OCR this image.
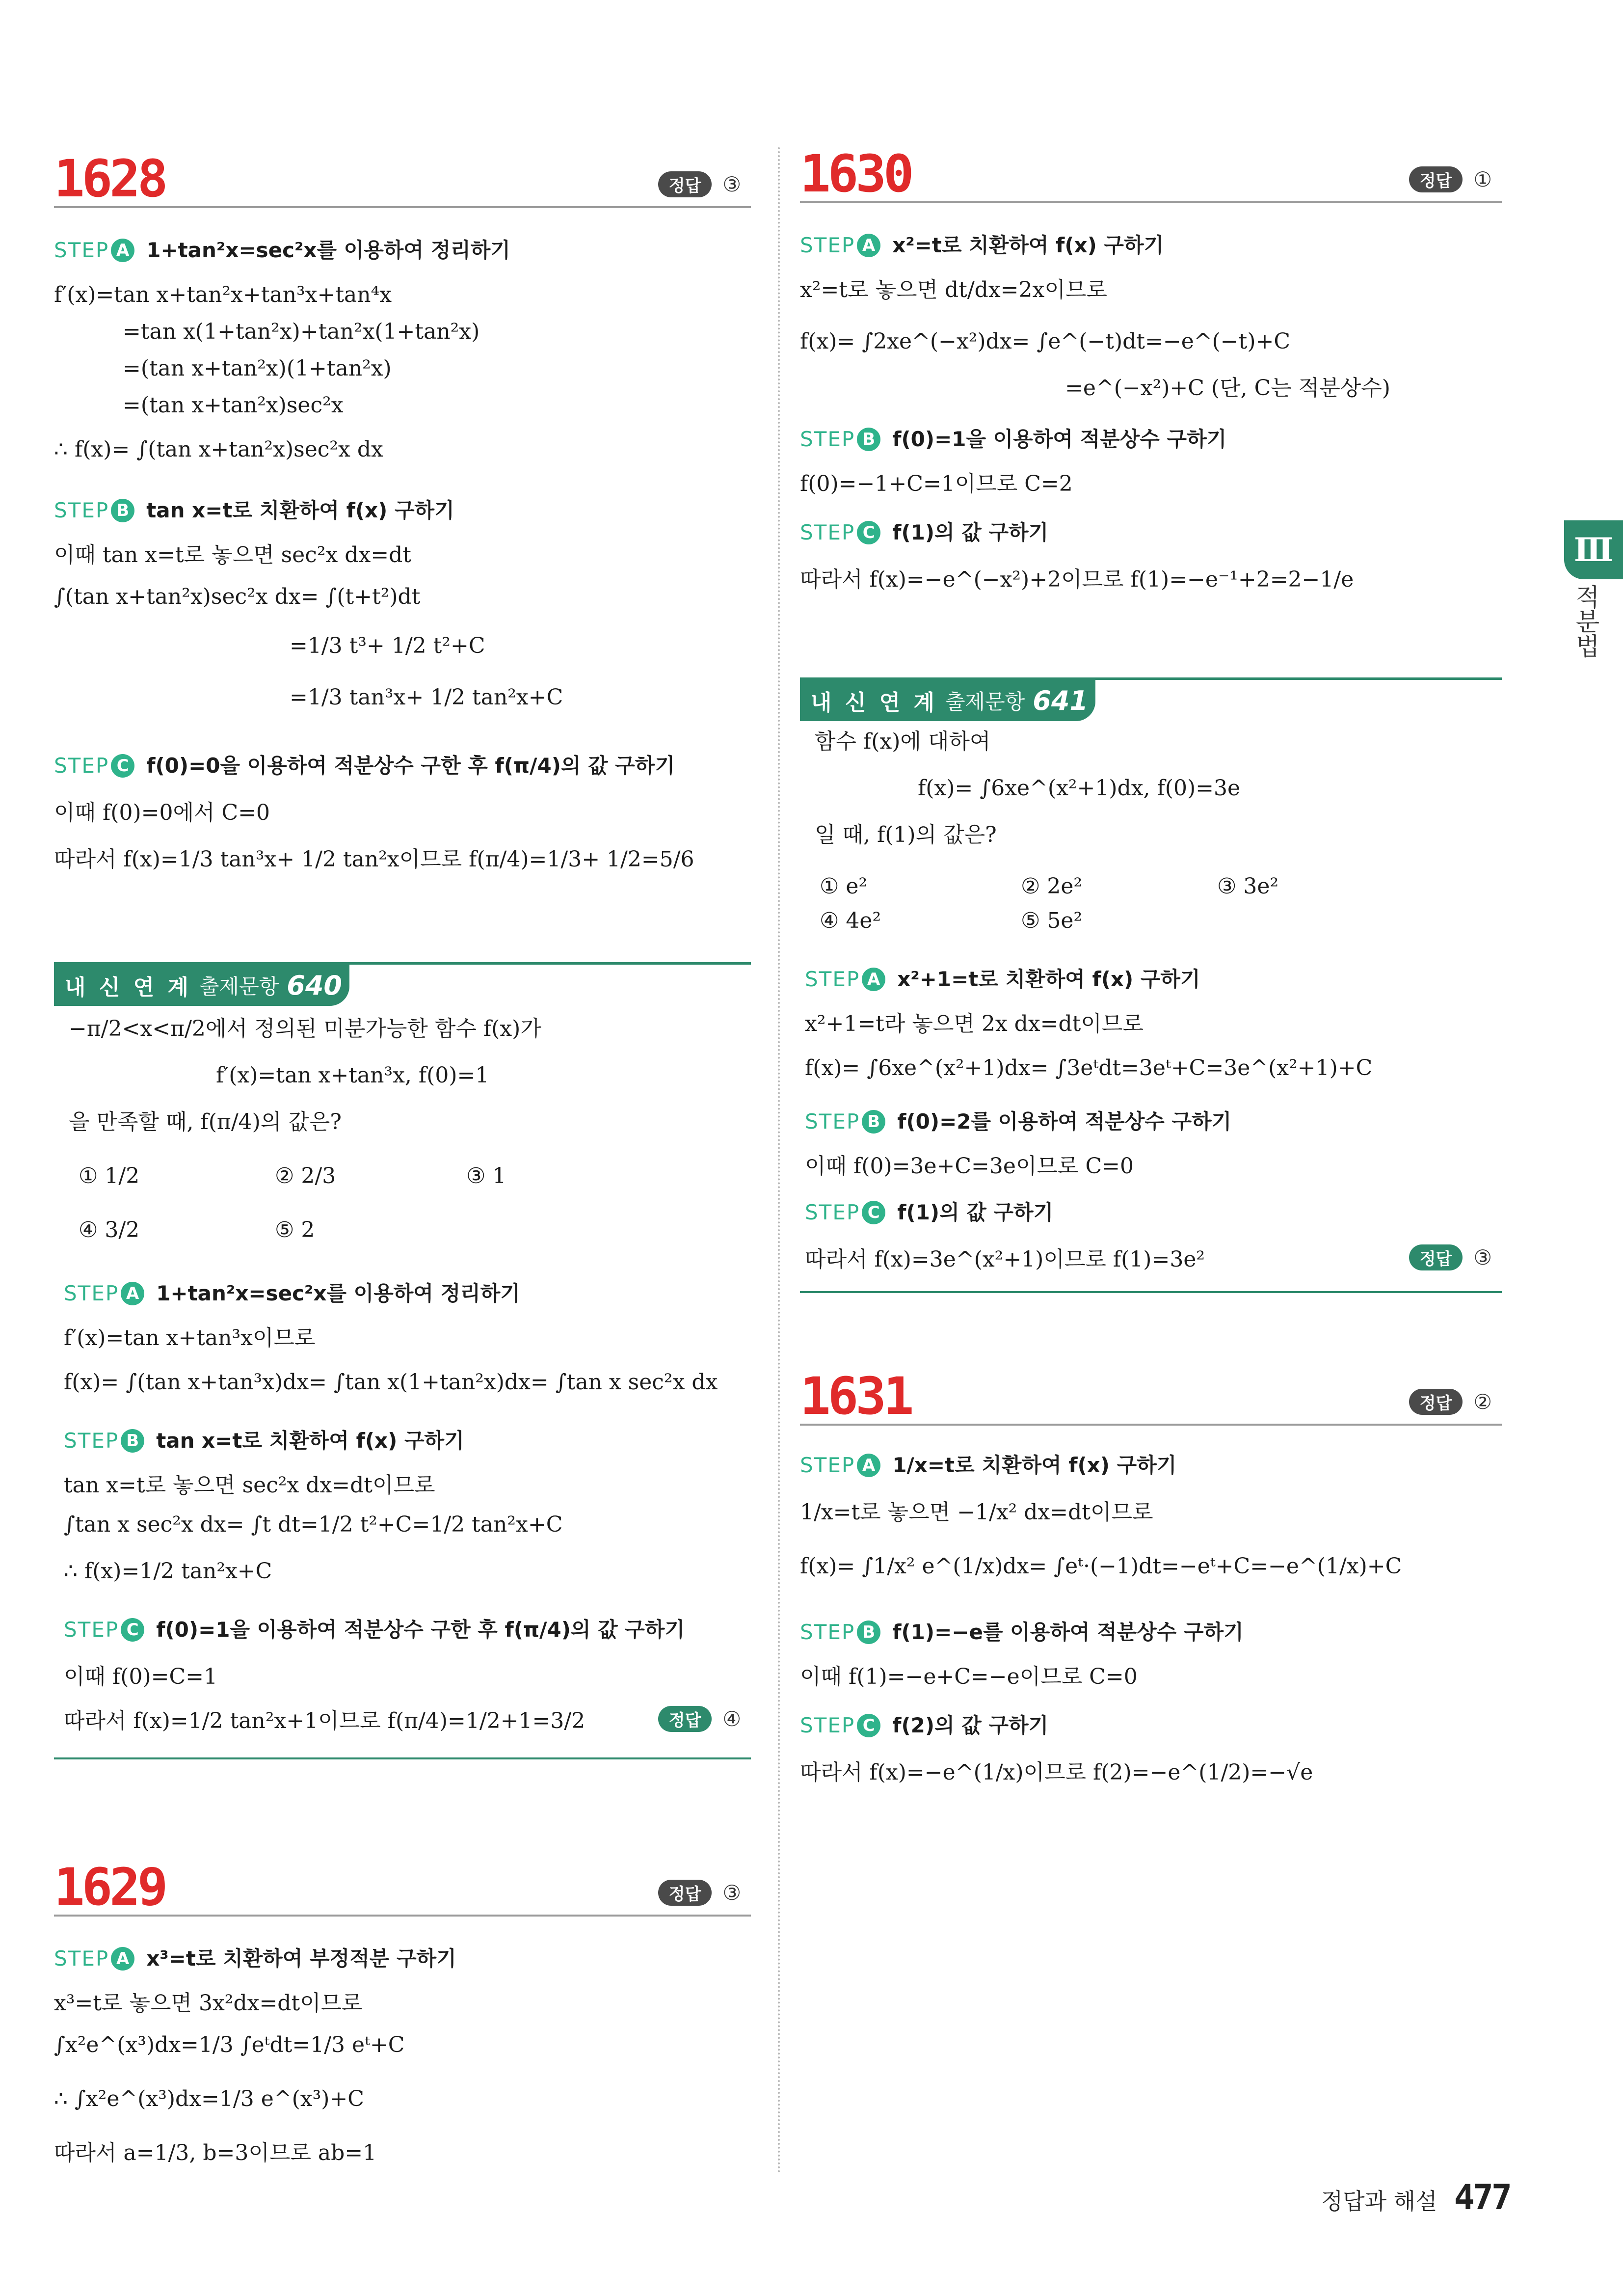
1628	정답	③
STEP A 1+tan²x=sec²x를 이용하여 정리하기
f′(x)=tan x+tan²x+tan³x+tan⁴x
=tan x(1+tan²x)+tan²x(1+tan²x)
=(tan x+tan²x)(1+tan²x)
=(tan x+tan²x)sec²x
∴ f(x)= ∫(tan x+tan²x)sec²x dx
STEP B tan x=t로 치환하여 f(x) 구하기
이때 tan x=t로 놓으면 sec²x dx=dt
∫(tan x+tan²x)sec²x dx= ∫(t+t²)dt
=1/3 t³+ 1/2 t²+C
=1/3 tan³x+ 1/2 tan²x+C
STEP C f(0)=0을 이용하여 적분상수 구한 후 f(π/4)의 값 구하기
이때 f(0)=0에서 C=0
따라서 f(x)=1/3 tan³x+ 1/2 tan²x이므로 f(π/4)=1/3+ 1/2=5/6
내 신 연 계 출제문항 640
−π/2<x<π/2에서 정의된 미분가능한 함수 f(x)가
f′(x)=tan x+tan³x, f(0)=1
을 만족할 때, f(π/4)의 값은?
① 1/2	② 2/3	③ 1
④ 3/2	⑤ 2
STEP A 1+tan²x=sec²x를 이용하여 정리하기
f′(x)=tan x+tan³x이므로
f(x)= ∫(tan x+tan³x)dx= ∫tan x(1+tan²x)dx= ∫tan x sec²x dx
STEP B tan x=t로 치환하여 f(x) 구하기
tan x=t로 놓으면 sec²x dx=dt이므로
∫tan x sec²x dx= ∫t dt=1/2 t²+C=1/2 tan²x+C
∴ f(x)=1/2 tan²x+C
STEP C f(0)=1을 이용하여 적분상수 구한 후 f(π/4)의 값 구하기
이때 f(0)=C=1
따라서 f(x)=1/2 tan²x+1이므로 f(π/4)=1/2+1=3/2	정답	④
1629	정답	③
STEP A x³=t로 치환하여 부정적분 구하기
x³=t로 놓으면 3x²dx=dt이므로
∫x²e^(x³)dx=1/3 ∫eᵗdt=1/3 eᵗ+C
∴ ∫x²e^(x³)dx=1/3 e^(x³)+C
따라서 a=1/3, b=3이므로 ab=1
1630	정답	①
STEP A x²=t로 치환하여 f(x) 구하기
x²=t로 놓으면 dt/dx=2x이므로
f(x)= ∫2xe^(−x²)dx= ∫e^(−t)dt=−e^(−t)+C
=e^(−x²)+C (단, C는 적분상수)
STEP B f(0)=1을 이용하여 적분상수 구하기
f(0)=−1+C=1이므로 C=2
STEP C f(1)의 값 구하기
따라서 f(x)=−e^(−x²)+2이므로 f(1)=−e⁻¹+2=2−1/e
내 신 연 계 출제문항 641
함수 f(x)에 대하여
f(x)= ∫6xe^(x²+1)dx, f(0)=3e
일 때, f(1)의 값은?
① e²	② 2e²	③ 3e²
④ 4e²	⑤ 5e²
STEP A x²+1=t로 치환하여 f(x) 구하기
x²+1=t라 놓으면 2x dx=dt이므로
f(x)= ∫6xe^(x²+1)dx= ∫3eᵗdt=3eᵗ+C=3e^(x²+1)+C
STEP B f(0)=2를 이용하여 적분상수 구하기
이때 f(0)=3e+C=3e이므로 C=0
STEP C f(1)의 값 구하기
따라서 f(x)=3e^(x²+1)이므로 f(1)=3e²	정답	③
1631	정답	②
STEP A 1/x=t로 치환하여 f(x) 구하기
1/x=t로 놓으면 −1/x² dx=dt이므로
f(x)= ∫1/x² e^(1/x)dx= ∫eᵗ·(−1)dt=−eᵗ+C=−e^(1/x)+C
STEP B f(1)=−e를 이용하여 적분상수 구하기
이때 f(1)=−e+C=−e이므로 C=0
STEP C f(2)의 값 구하기
따라서 f(x)=−e^(1/x)이므로 f(2)=−e^(1/2)=−√e
Ⅲ
적분법
정답과 해설 477
